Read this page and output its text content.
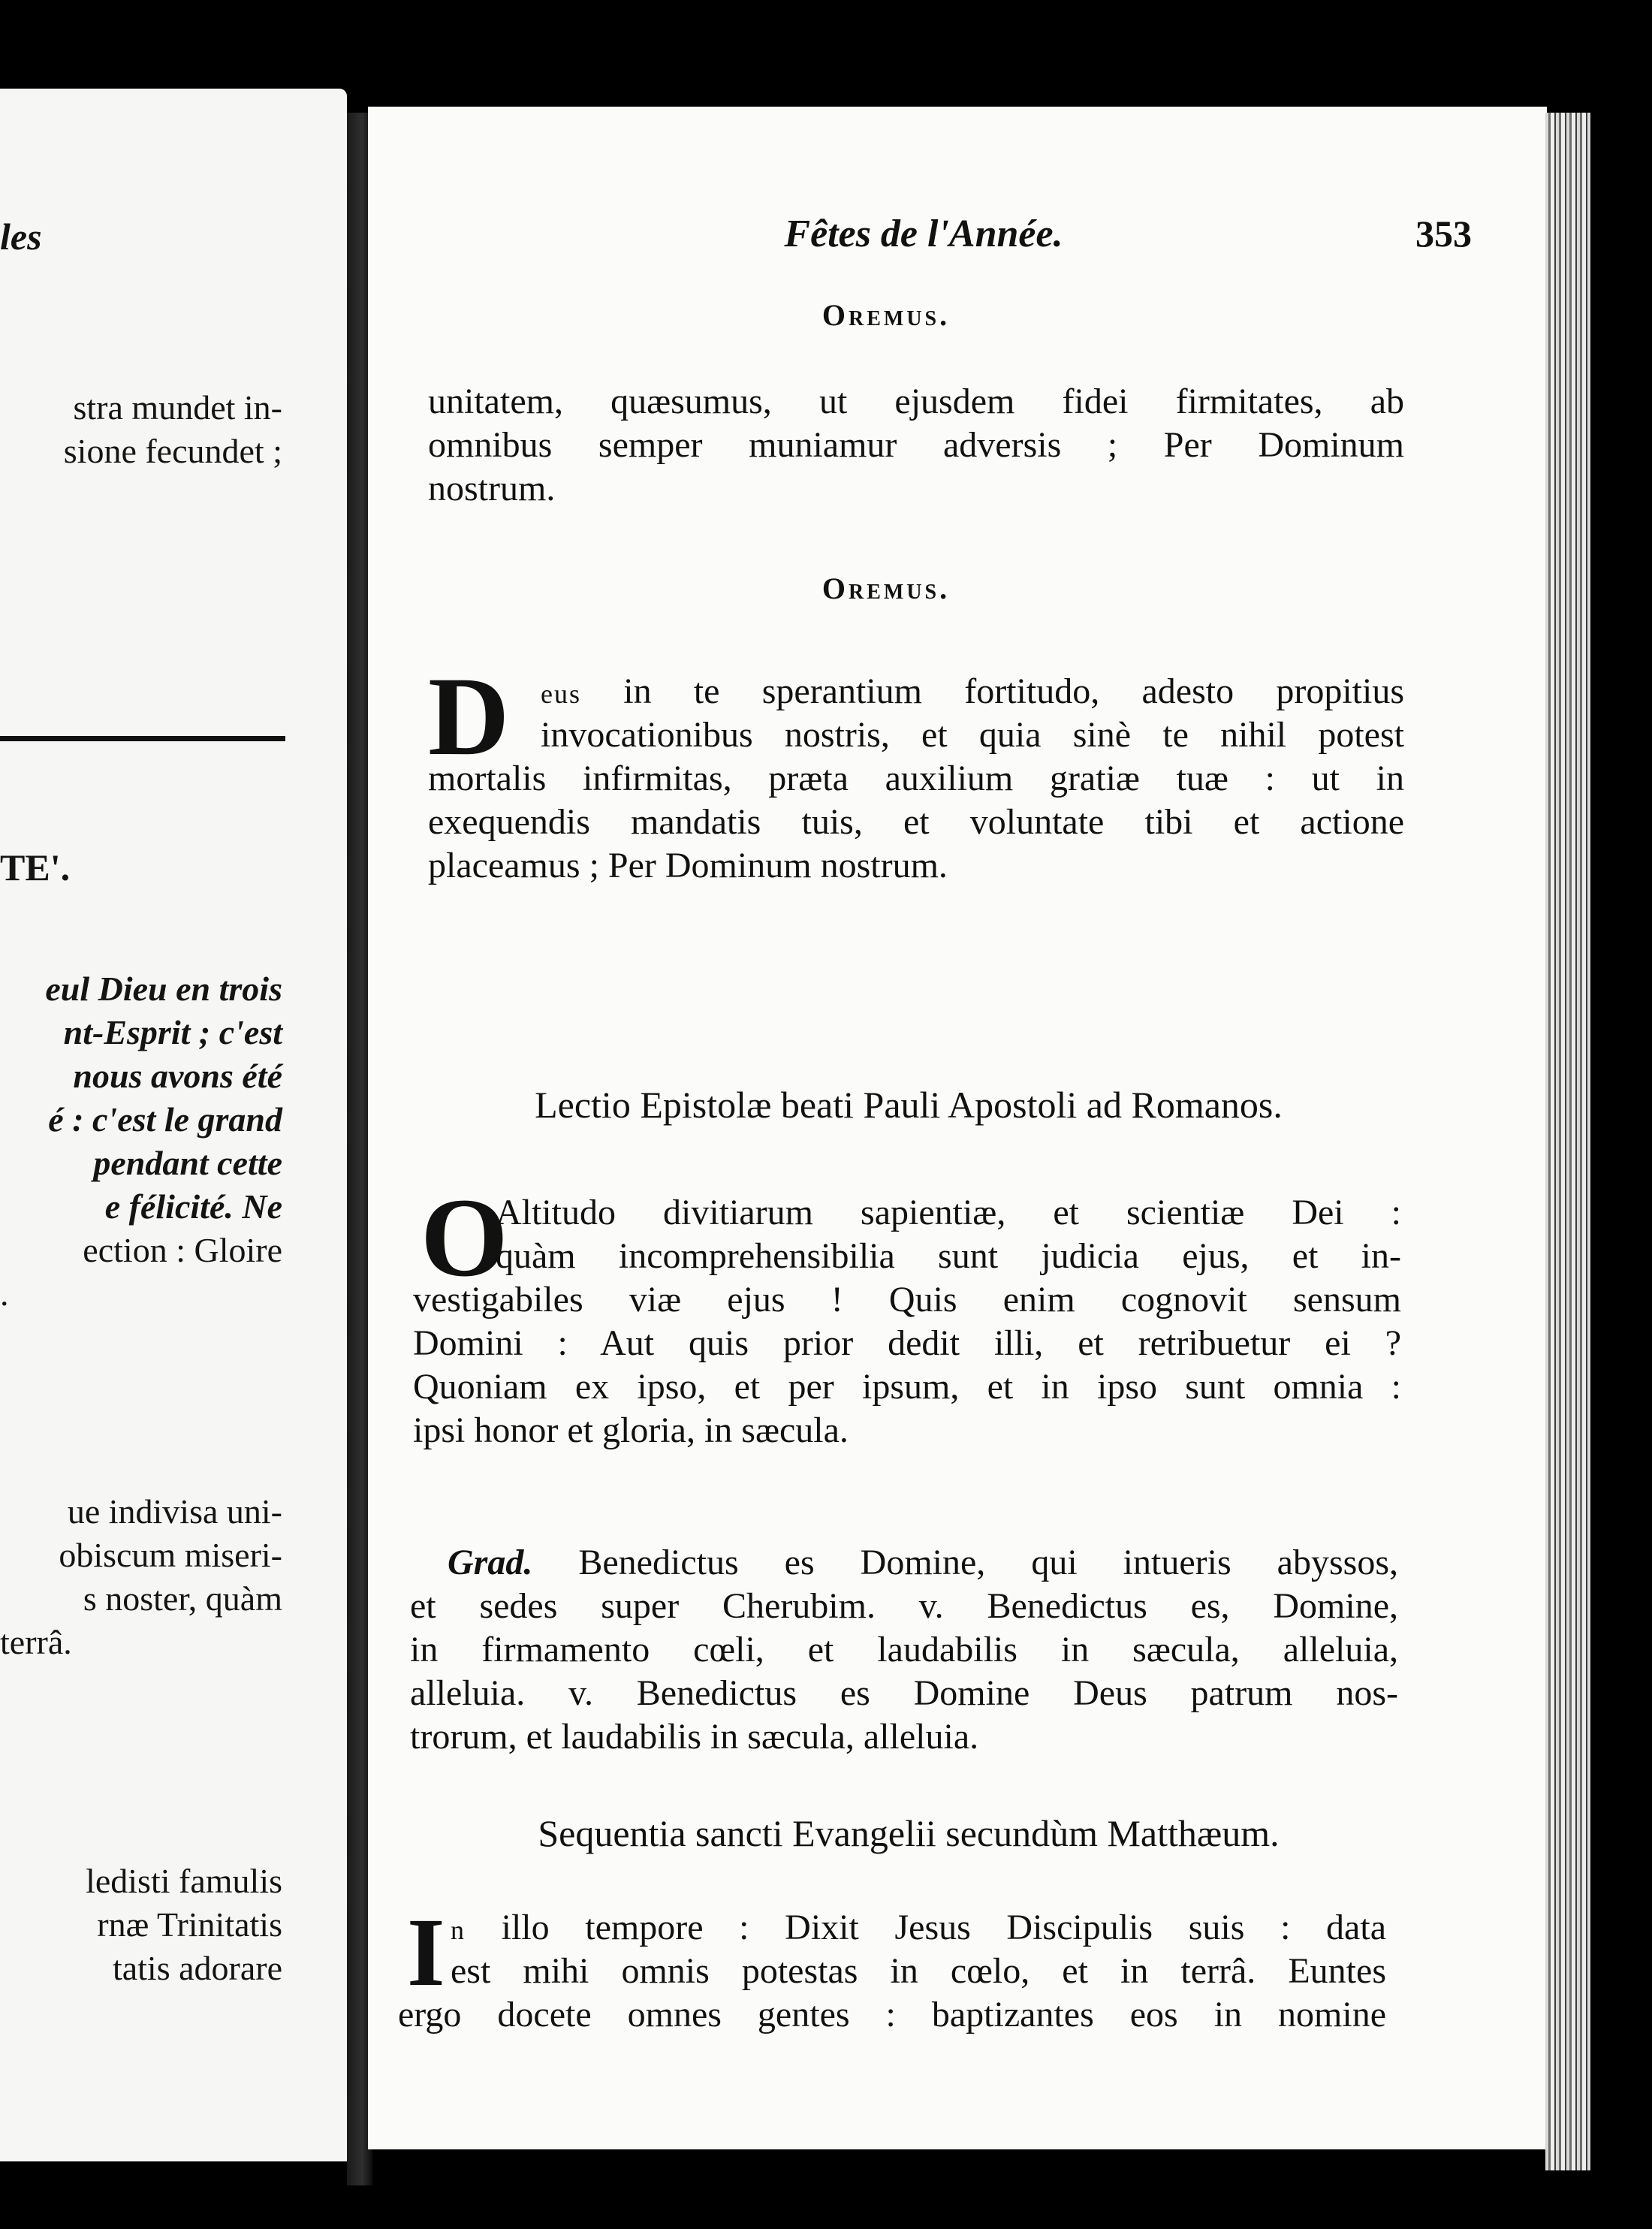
les
stra mundet in-
sione fecundet ;
TE'.
eul Dieu en trois
nt-Esprit ; c'est
nous avons été
é : c'est le grand
pendant cette
e félicité. Ne
ection : Gloire
.
ue indivisa uni-
obiscum miseri-
s noster, quàm
terrâ.
ledisti famulis
rnæ Trinitatis
tatis adorare
Fêtes de l'Année.	353
Oremus.
unitatem, quæsumus, ut ejusdem fidei firmitates, ab
omnibus semper muniamur adversis ; Per Dominum
nostrum.
Oremus.
D	eus in te sperantium fortitudo, adesto propitius
invocationibus nostris, et quia sinè te nihil potest
mortalis infirmitas, præta auxilium gratiæ tuæ : ut in
exequendis mandatis tuis, et voluntate tibi et actione
placeamus ; Per Dominum nostrum.
Lectio Epistolæ beati Pauli Apostoli ad Romanos.
O
Altitudo divitiarum sapientiæ, et scientiæ Dei :
quàm incomprehensibilia sunt judicia ejus, et in-
vestigabiles viæ ejus ! Quis enim cognovit sensum
Domini : Aut quis prior dedit illi, et retribuetur ei ?
Quoniam ex ipso, et per ipsum, et in ipso sunt omnia :
ipsi honor et gloria, in sæcula.
Grad. Benedictus es Domine, qui intueris abyssos,
et sedes super Cherubim. v. Benedictus es, Domine,
in firmamento cœli, et laudabilis in sæcula, alleluia,
alleluia. v. Benedictus es Domine Deus patrum nos-
trorum, et laudabilis in sæcula, alleluia.
Sequentia sancti Evangelii secundùm Matthæum.
I n illo tempore : Dixit Jesus Discipulis suis : data
est mihi omnis potestas in cœlo, et in terrâ. Euntes
ergo docete omnes gentes : baptizantes eos in nomine
